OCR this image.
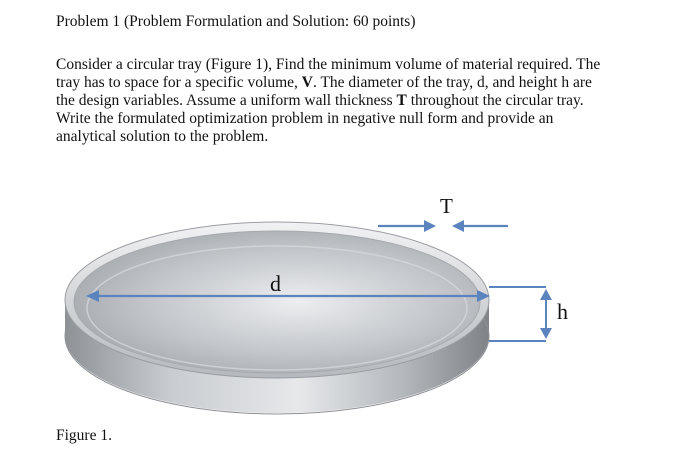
Problem 1 (Problem Formulation and Solution: 60 points)

Consider a circular tray (Figure 1), Find the minimum volume of material required. The

tray has to space for a specific volume, V. The diameter of the tray, d, and height h are

the design variables. Assume a uniform wall thickness T throughout the circular tray.

Write the formulated optimization problem in negative null form and provide an

analytical solution to the problem.

T
d
h
Figure 1.
